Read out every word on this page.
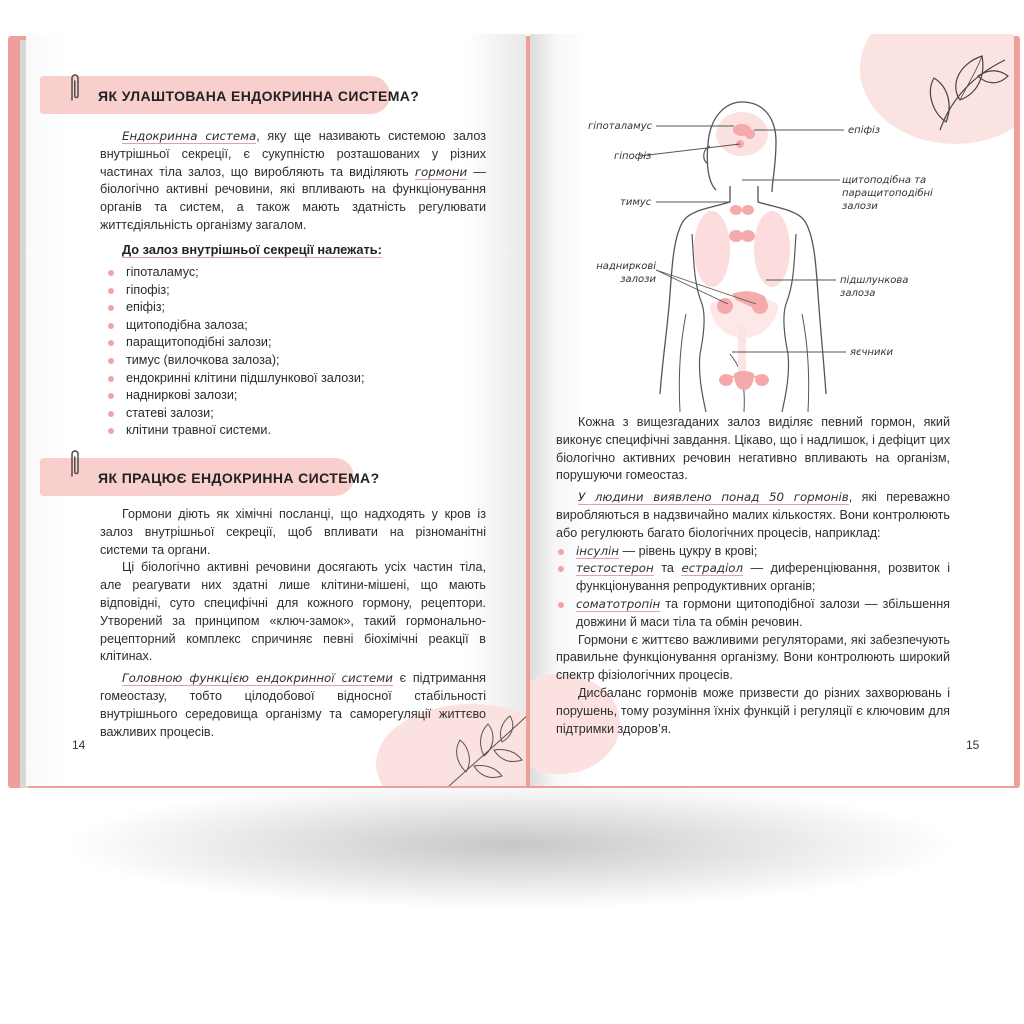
ЯК УЛАШТОВАНА ЕНДОКРИННА СИСТЕМА?

Ендокринна система, яку ще називають системою залоз внутрішньої секреції, є сукупністю розташованих у різних частинах тіла залоз, що виробляють та виділяють гормони — біологічно активні речовини, які впливають на функціонування органів та систем, а також мають здатність регулювати життєдіяльність організму загалом.

До залоз внутрішньої секреції належать:
гіпоталамус;
гіпофіз;
епіфіз;
щитоподібна залоза;
паращитоподібні залози;
тимус (вилочкова залоза);
ендокринні клітини підшлункової залози;
надниркові залози;
статеві залози;
клітини травної системи.
ЯК ПРАЦЮЄ ЕНДОКРИННА СИСТЕМА?

Гормони діють як хімічні посланці, що надходять у кров із залоз внутрішньої секреції, щоб впливати на різноманітні системи та органи.

Ці біологічно активні речовини досягають усіх частин тіла, але реагувати них здатні лише клітини-мішені, що мають відповідні, суто специфічні для кожного гормону, рецептори. Утворений за принципом «ключ-замок», такий гормонально-рецепторний комплекс спричиняє певні біохімічні реакції в клітинах.

Головною функцією ендокринної системи є підтримання гомеостазу, тобто цілодобової відносної стабільності внутрішнього середовища організму та саморегуляції життєво важливих процесів.

14
гіпоталамус
гіпофіз
тимус
надниркові залози
епіфіз
щитоподібна та паращитоподібні залози
підшлункова залоза
яєчники

Кожна з вищезгаданих залоз виділяє певний гормон, який виконує специфічні завдання. Цікаво, що і надлишок, і дефіцит цих біологічно активних речовин негативно впливають на організм, порушуючи гомеостаз.

У людини виявлено понад 50 гормонів, які переважно виробляються в надзвичайно малих кількостях. Вони контролюють або регулюють багато біологічних процесів, наприклад:

інсулін — рівень цукру в крові;
тестостерон та естрадіол — диференціювання, розвиток і функціонування репродуктивних органів;
соматотропін та гормони щитоподібної залози — збільшення довжини й маси тіла та обмін речовин.

Гормони є життєво важливими регуляторами, які забезпечують правильне функціонування організму. Вони контролюють широкий спектр фізіологічних процесів.

Дисбаланс гормонів може призвести до різних захворювань і порушень, тому розуміння їхніх функцій і регуляції є ключовим для підтримки здоров’я.

15
